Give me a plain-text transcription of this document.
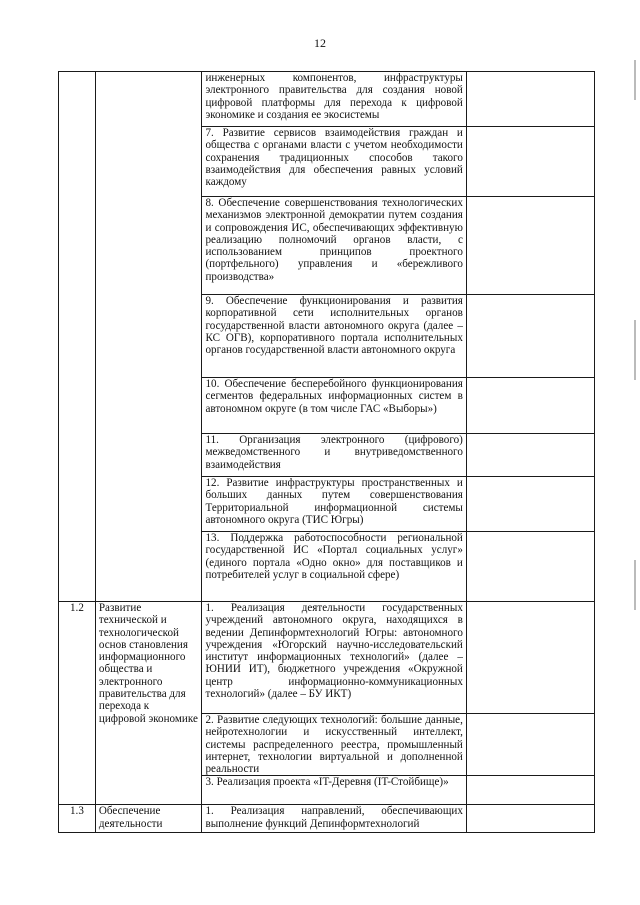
12

		инженерных компонентов, инфраструктуры электронного правительства для создания новой цифровой платформы для перехода к цифровой экономике и создания ее экосистемы	

		7. Развитие сервисов взаимодействия граждан и общества с органами власти с учетом необходимости сохранения традиционных способов такого взаимодействия для обеспечения равных условий каждому	

		8. Обеспечение совершенствования технологических механизмов электронной демократии путем создания и сопровождения ИС, обеспечивающих эффективную реализацию полномочий органов власти, с использованием принципов проектного (портфельного) управления и «бережливого производства»	

		9. Обеспечение функционирования и развития корпоративной сети исполнительных органов государственной власти автономного округа (далее – КС ОГВ), корпоративного портала исполнительных органов государственной власти автономного округа	

		10. Обеспечение бесперебойного функционирования сегментов федеральных информационных систем в автономном округе (в том числе ГАС «Выборы»)	

		11. Организация электронного (цифрового) межведомственного и внутриведомственного взаимодействия	

		12. Развитие инфраструктуры пространственных и больших данных путем совершенствования Территориальной информационной системы автономного округа (ТИС Югры)	

		13. Поддержка работоспособности региональной государственной ИС «Портал социальных услуг» (единого портала «Одно окно» для поставщиков и потребителей услуг в социальной сфере)	

1.2	Развитие технической и технологической основ становления информационного общества и электронного правительства для перехода к цифровой экономике	1. Реализация деятельности государственных учреждений автономного округа, находящихся в ведении Депинформтехнологий Югры: автономного учреждения «Югорский научно-исследовательский институт информационных технологий» (далее – ЮНИИ ИТ), бюджетного учреждения «Окружной центр информационно-коммуникационных технологий» (далее – БУ ИКТ)	

		2. Развитие следующих технологий: большие данные, нейротехнологии и искусственный интеллект, системы распределенного реестра, промышленный интернет, технологии виртуальной и дополненной реальности	

		3. Реализация проекта «IT-Деревня (IT-Стойбище)»	

1.3	Обеспечение деятельности	1. Реализация направлений, обеспечивающих выполнение функций Депинформтехнологий	
